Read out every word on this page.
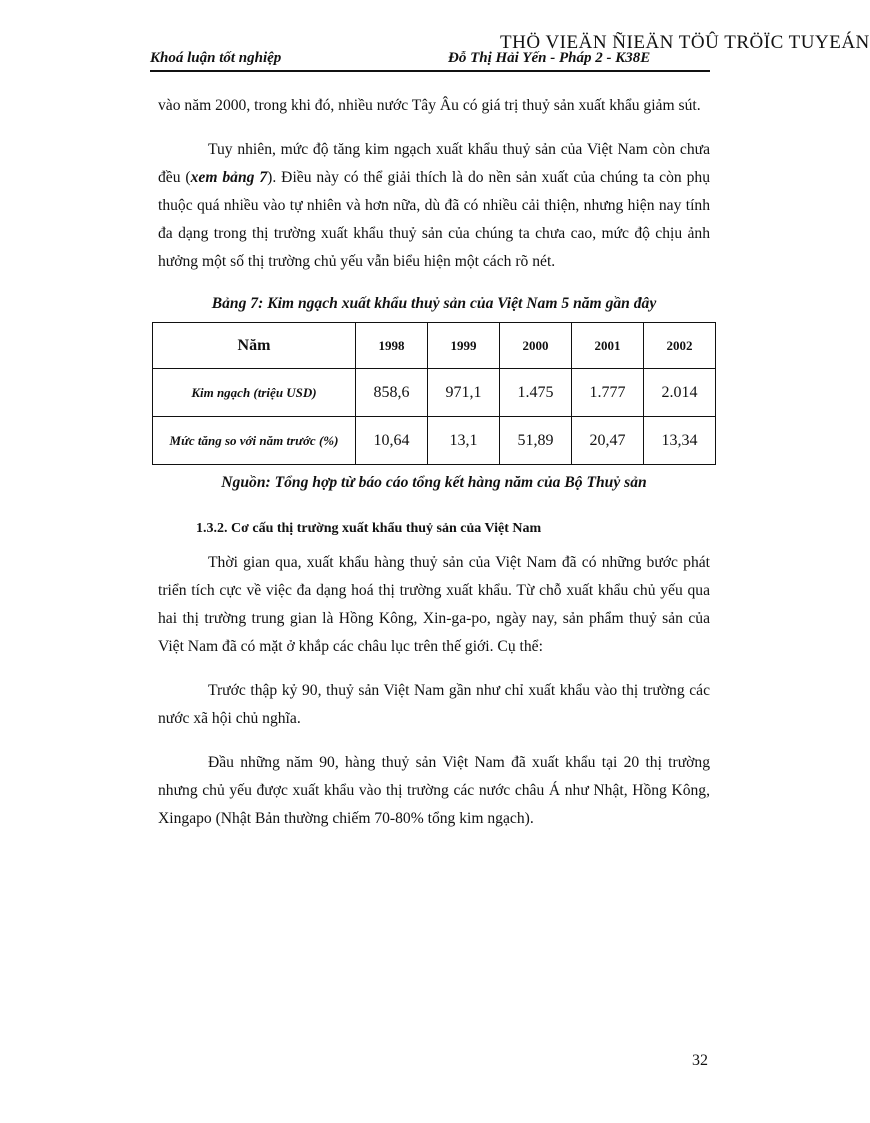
THÖ VIEÄN ÑIEÄN TÖÛ TRÖÏC TUYEÁN
Khoá luận tốt nghiệp	Đỗ Thị Hải Yến - Pháp 2 - K38E

vào năm 2000, trong khi đó, nhiều nước Tây Âu có giá trị thuỷ sản xuất khẩu giảm sút.

Tuy nhiên, mức độ tăng kim ngạch xuất khẩu thuỷ sản của Việt Nam còn chưa đều (xem bảng 7). Điều này có thể giải thích là do nền sản xuất của chúng ta còn phụ thuộc quá nhiều vào tự nhiên và hơn nữa, dù đã có nhiều cải thiện, nhưng hiện nay tính đa dạng trong thị trường xuất khẩu thuỷ sản của chúng ta chưa cao, mức độ chịu ảnh hưởng một số thị trường chủ yếu vẫn biểu hiện một cách rõ nét.

Bảng 7: Kim ngạch xuất khẩu thuỷ sản của Việt Nam 5 năm gần đây

Năm	1998	1999	2000	2001	2002
Kim ngạch (triệu USD)	858,6	971,1	1.475	1.777	2.014
Mức tăng so với năm trước (%)	10,64	13,1	51,89	20,47	13,34

Nguồn: Tổng hợp từ báo cáo tổng kết hàng năm của Bộ Thuỷ sản

1.3.2. Cơ cấu thị trường xuất khẩu thuỷ sản của Việt Nam

Thời gian qua, xuất khẩu hàng thuỷ sản của Việt Nam đã có những bước phát triển tích cực về việc đa dạng hoá thị trường xuất khẩu. Từ chỗ xuất khẩu chủ yếu qua hai thị trường trung gian là Hồng Kông, Xin-ga-po, ngày nay, sản phẩm thuỷ sản của Việt Nam đã có mặt ở khắp các châu lục trên thế giới. Cụ thể:

Trước thập kỷ 90, thuỷ sản Việt Nam gần như chỉ xuất khẩu vào thị trường các nước xã hội chủ nghĩa.

Đầu những năm 90, hàng thuỷ sản Việt Nam đã xuất khẩu tại 20 thị trường nhưng chủ yếu được xuất khẩu vào thị trường các nước châu Á như Nhật, Hồng Kông, Xingapo (Nhật Bản thường chiếm 70-80% tổng kim ngạch).

32
